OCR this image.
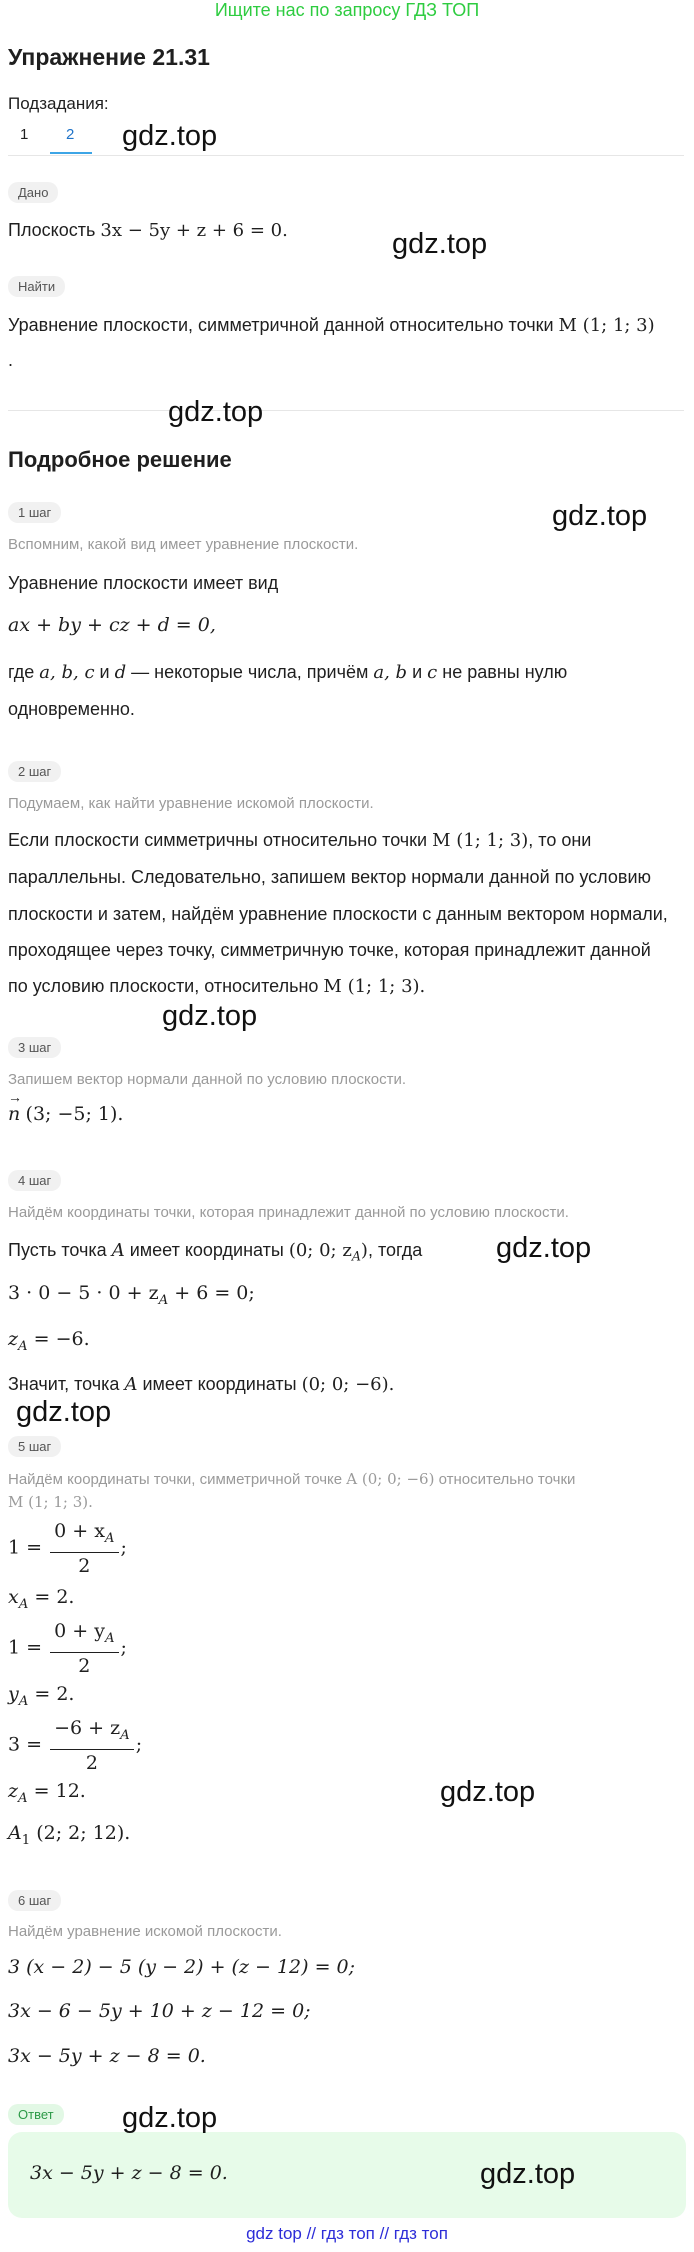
Ищите нас по запросу ГДЗ ТОП
Упражнение 21.31
Подзадания:
1	2
Дано
Плоскость 3x − 5y + z + 6 = 0.
Найти
Уравнение плоскости, симметричной данной относительно точки M (1; 1; 3)
.
Подробное решение
1 шаг
Вспомним, какой вид имеет уравнение плоскости.
Уравнение плоскости имеет вид
ax + by + cz + d = 0,
где a, b, c и d — некоторые числа, причём a, b и c не равны нулю
одновременно.
2 шаг
Подумаем, как найти уравнение искомой плоскости.
Если плоскости симметричны относительно точки M (1; 1; 3), то они
параллельны. Следовательно, запишем вектор нормали данной по условию
плоскости и затем, найдём уравнение плоскости с данным вектором нормали,
проходящее через точку, симметричную точке, которая принадлежит данной
по условию плоскости, относительно M (1; 1; 3).
3 шаг
Запишем вектор нормали данной по условию плоскости.
→
n (3; −5; 1).
4 шаг
Найдём координаты точки, которая принадлежит данной по условию плоскости.
Пусть точка A имеет координаты (0; 0; $z_A$), тогда
$3 \cdot 0 - 5 \cdot 0 + z_A + 6 = 0$;
$z_A = -6$.
Значит, точка A имеет координаты (0; 0; −6).
5 шаг
Найдём координаты точки, симметричной точке A (0; 0; −6) относительно точки
M (1; 1; 3).
$1 = \frac{0 + x_A}{2}$ ;
$x_A = 2$.
$1 = \frac{0 + y_A}{2}$ ;
$y_A = 2$.
$3 = \frac{-6 + z_A}{2}$ ;
$z_A = 12$.
$A_1$ (2; 2; 12).
6 шаг
Найдём уравнение искомой плоскости.
3 (x − 2) − 5 (y − 2) + (z − 12) = 0;
3x − 6 − 5y + 10 + z − 12 = 0;
3x − 5y + z − 8 = 0.
Ответ
3x − 5y + z − 8 = 0.
gdz.top
gdz.top
gdz.top
gdz.top
gdz.top
gdz.top
gdz.top
gdz.top
gdz.top
gdz.top
gdz top // гдз топ // гдз топ
